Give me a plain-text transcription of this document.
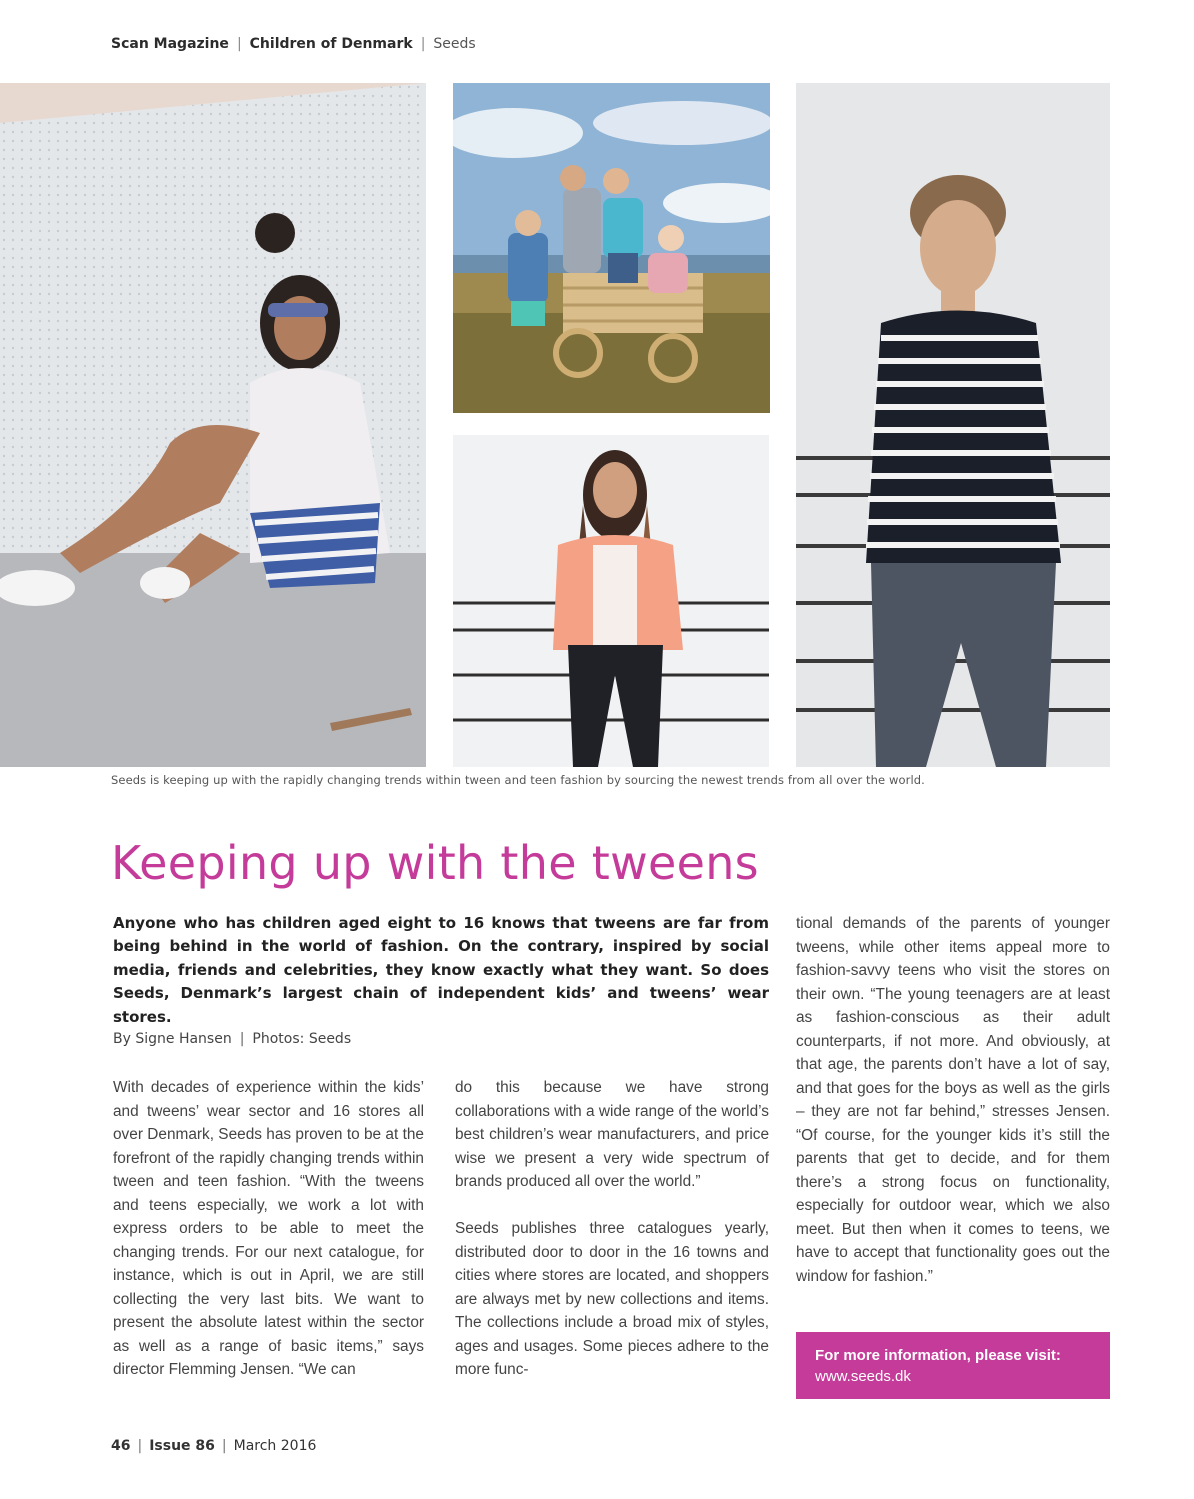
Scan Magazine | Children of Denmark | Seeds
Seeds is keeping up with the rapidly changing trends within tween and teen fashion by sourcing the newest trends from all over the world.
Keeping up with the tweens

Anyone who has children aged eight to 16 knows that tweens are far from being behind in the world of fashion. On the contrary, inspired by social media, friends and celebrities, they know exactly what they want. So does Seeds, Denmark’s largest chain of independent kids’ and tweens’ wear stores.

By Signe Hansen | Photos: Seeds

With decades of experience within the kids’ and tweens’ wear sector and 16 stores all over Denmark, Seeds has proven to be at the forefront of the rapidly changing trends within tween and teen fashion. “With the tweens and teens especially, we work a lot with express orders to be able to meet the changing trends. For our next catalogue, for instance, which is out in April, we are still collecting the very last bits. We want to present the absolute latest within the sector as well as a range of basic items,” says director Flemming Jensen. “We can

do this because we have strong collaborations with a wide range of the world’s best children’s wear manufacturers, and price wise we present a very wide spectrum of brands produced all over the world.”

Seeds publishes three catalogues yearly, distributed door to door in the 16 towns and cities where stores are located, and shoppers are always met by new collections and items. The collections include a broad mix of styles, ages and usages. Some pieces adhere to the more func-

tional demands of the parents of younger tweens, while other items appeal more to fashion-savvy teens who visit the stores on their own. “The young teenagers are at least as fashion-conscious as their adult counterparts, if not more. And obviously, at that age, the parents don’t have a lot of say, and that goes for the boys as well as the girls – they are not far behind,” stresses Jensen. “Of course, for the younger kids it’s still the parents that get to decide, and for them there’s a strong focus on functionality, especially for outdoor wear, which we also meet. But then when it comes to teens, we have to accept that functionality goes out the window for fashion.”

For more information, please visit:
www.seeds.dk
46 | Issue 86 | March 2016
